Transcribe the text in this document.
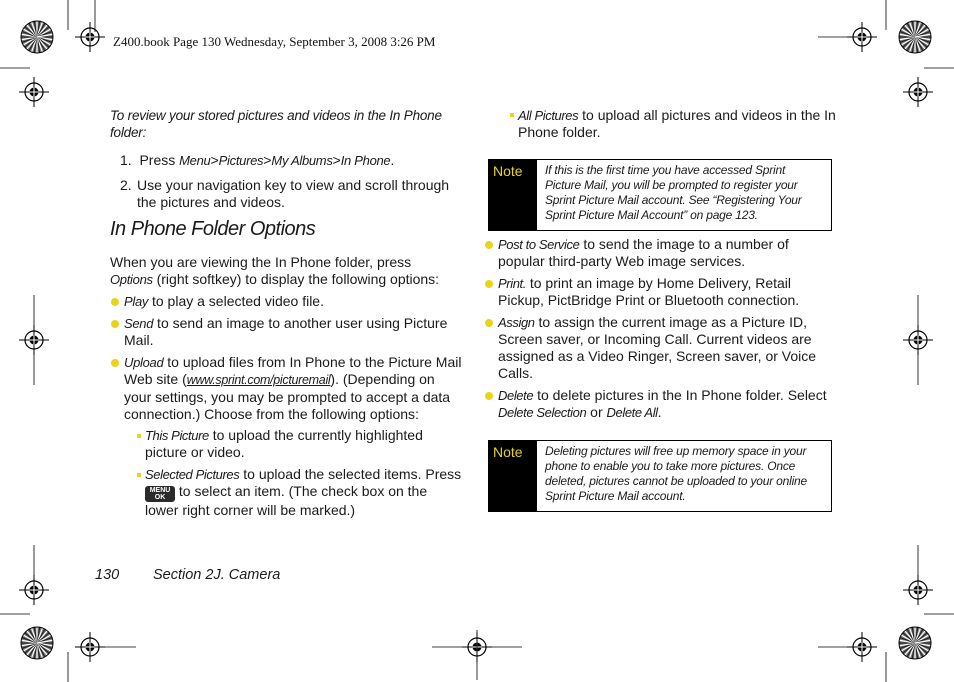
Z400.book Page 130 Wednesday, September 3, 2008 3:26 PM
To review your stored pictures and videos in the In Phone folder:
1. Press Menu>Pictures>My Albums>In Phone.
2. Use your navigation key to view and scroll through the pictures and videos.
In Phone Folder Options
When you are viewing the In Phone folder, press Options (right softkey) to display the following options:
Play to play a selected video file.
Send to send an image to another user using Picture Mail.
Upload to upload files from In Phone to the Picture Mail Web site (www.sprint.com/picturemail). (Depending on your settings, you may be prompted to accept a data connection.) Choose from the following options:
This Picture to upload the currently highlighted picture or video.
Selected Pictures to upload the selected items. Press MENU OK to select an item. (The check box on the lower right corner will be marked.)
All Pictures to upload all pictures and videos in the In Phone folder.
Note If this is the first time you have accessed Sprint Picture Mail, you will be prompted to register your Sprint Picture Mail account. See “Registering Your Sprint Picture Mail Account” on page 123.
Post to Service to send the image to a number of popular third-party Web image services.
Print. to print an image by Home Delivery, Retail Pickup, PictBridge Print or Bluetooth connection.
Assign to assign the current image as a Picture ID, Screen saver, or Incoming Call. Current videos are assigned as a Video Ringer, Screen saver, or Voice Calls.
Delete to delete pictures in the In Phone folder. Select Delete Selection or Delete All.
Note Deleting pictures will free up memory space in your phone to enable you to take more pictures. Once deleted, pictures cannot be uploaded to your online Sprint Picture Mail account.
130 Section 2J. Camera
